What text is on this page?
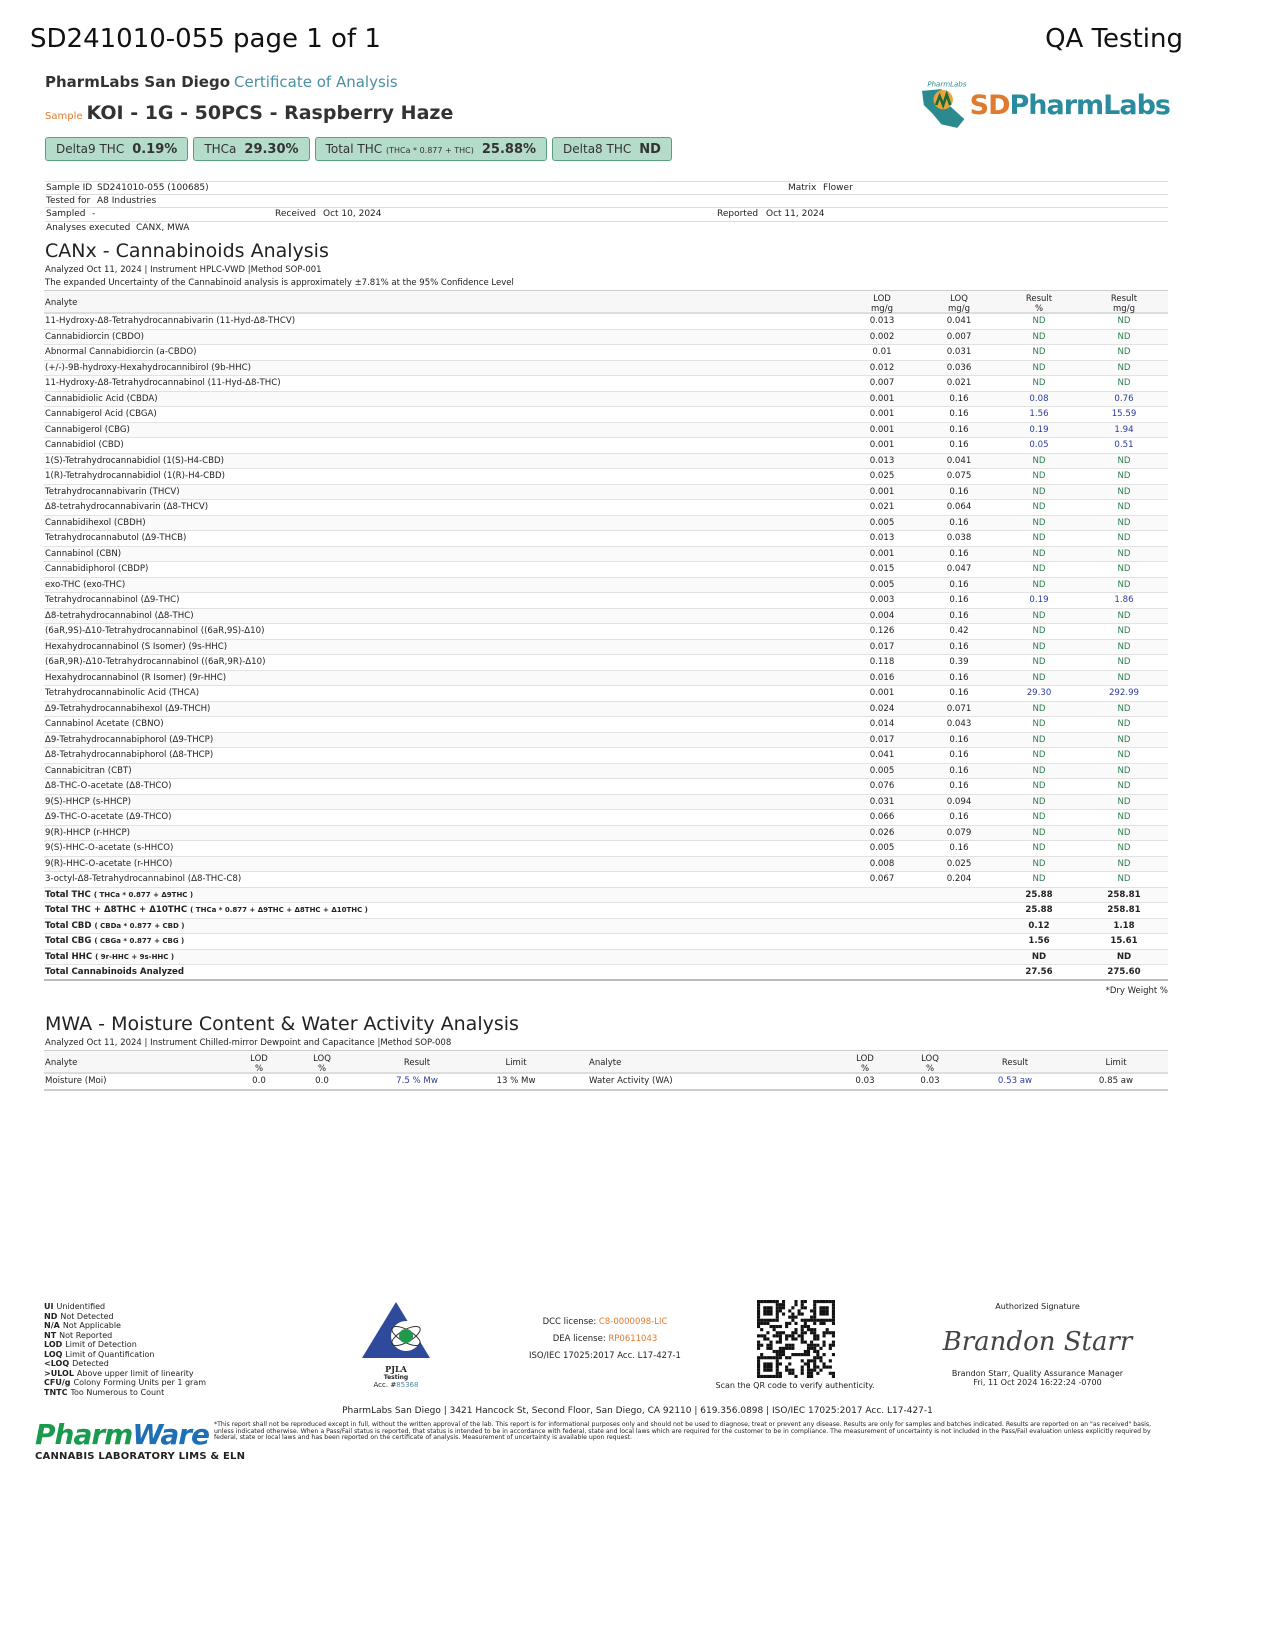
SD241010-055 page 1 of 1	QA Testing
PharmLabs San Diego Certificate of Analysis
Sample KOI - 1G - 50PCS - Raspberry Haze
Delta9 THC 0.19% THCa 29.30% Total THC (THCa * 0.877 + THC) 25.88% Delta8 THC ND
PharmLabs
SDPharmLabs
Sample ID SD241010-055 (100685)	Matrix Flower
Tested for A8 Industries
Sampled -	Received Oct 10, 2024	Reported Oct 11, 2024
Analyses executed CANX, MWA
CANx - Cannabinoids Analysis
Analyzed Oct 11, 2024 | Instrument HPLC-VWD |Method SOP-001
The expanded Uncertainty of the Cannabinoid analysis is approximately ±7.81% at the 95% Confidence Level
Analyte	LOD
mg/g
LOQ
mg/g
Result
%
Result
mg/g
11-Hydroxy-Δ8-Tetrahydrocannabivarin (11-Hyd-Δ8-THCV)	0.013	0.041	ND	ND
Cannabidiorcin (CBDO)	0.002	0.007	ND	ND
Abnormal Cannabidiorcin (a-CBDO)	0.01	0.031	ND	ND
(+/-)-9B-hydroxy-Hexahydrocannibirol (9b-HHC)	0.012	0.036	ND	ND
11-Hydroxy-Δ8-Tetrahydrocannabinol (11-Hyd-Δ8-THC)	0.007	0.021	ND	ND
Cannabidiolic Acid (CBDA)	0.001	0.16	0.08	0.76
Cannabigerol Acid (CBGA)	0.001	0.16	1.56	15.59
Cannabigerol (CBG)	0.001	0.16	0.19	1.94
Cannabidiol (CBD)	0.001	0.16	0.05	0.51
1(S)-Tetrahydrocannabidiol (1(S)-H4-CBD)	0.013	0.041	ND	ND
1(R)-Tetrahydrocannabidiol (1(R)-H4-CBD)	0.025	0.075	ND	ND
Tetrahydrocannabivarin (THCV)	0.001	0.16	ND	ND
Δ8-tetrahydrocannabivarin (Δ8-THCV)	0.021	0.064	ND	ND
Cannabidihexol (CBDH)	0.005	0.16	ND	ND
Tetrahydrocannabutol (Δ9-THCB)	0.013	0.038	ND	ND
Cannabinol (CBN)	0.001	0.16	ND	ND
Cannabidiphorol (CBDP)	0.015	0.047	ND	ND
exo-THC (exo-THC)	0.005	0.16	ND	ND
Tetrahydrocannabinol (Δ9-THC)	0.003	0.16	0.19	1.86
Δ8-tetrahydrocannabinol (Δ8-THC)	0.004	0.16	ND	ND
(6aR,9S)-Δ10-Tetrahydrocannabinol ((6aR,9S)-Δ10)	0.126	0.42	ND	ND
Hexahydrocannabinol (S Isomer) (9s-HHC)	0.017	0.16	ND	ND
(6aR,9R)-Δ10-Tetrahydrocannabinol ((6aR,9R)-Δ10)	0.118	0.39	ND	ND
Hexahydrocannabinol (R Isomer) (9r-HHC)	0.016	0.16	ND	ND
Tetrahydrocannabinolic Acid (THCA)	0.001	0.16	29.30	292.99
Δ9-Tetrahydrocannabihexol (Δ9-THCH)	0.024	0.071	ND	ND
Cannabinol Acetate (CBNO)	0.014	0.043	ND	ND
Δ9-Tetrahydrocannabiphorol (Δ9-THCP)	0.017	0.16	ND	ND
Δ8-Tetrahydrocannabiphorol (Δ8-THCP)	0.041	0.16	ND	ND
Cannabicitran (CBT)	0.005	0.16	ND	ND
Δ8-THC-O-acetate (Δ8-THCO)	0.076	0.16	ND	ND
9(S)-HHCP (s-HHCP)	0.031	0.094	ND	ND
Δ9-THC-O-acetate (Δ9-THCO)	0.066	0.16	ND	ND
9(R)-HHCP (r-HHCP)	0.026	0.079	ND	ND
9(S)-HHC-O-acetate (s-HHCO)	0.005	0.16	ND	ND
9(R)-HHC-O-acetate (r-HHCO)	0.008	0.025	ND	ND
3-octyl-Δ8-Tetrahydrocannabinol (Δ8-THC-C8)	0.067	0.204	ND	ND
Total THC ( THCa * 0.877 + Δ9THC )	25.88	258.81
Total THC + Δ8THC + Δ10THC ( THCa * 0.877 + Δ9THC + Δ8THC + Δ10THC )	25.88	258.81
Total CBD ( CBDa * 0.877 + CBD )	0.12	1.18
Total CBG ( CBGa * 0.877 + CBG )	1.56	15.61
Total HHC ( 9r-HHC + 9s-HHC )	ND	ND
Total Cannabinoids Analyzed	27.56	275.60
*Dry Weight %
MWA - Moisture Content & Water Activity Analysis
Analyzed Oct 11, 2024 | Instrument Chilled-mirror Dewpoint and Capacitance |Method SOP-008
Analyte	LOD
%
LOQ
%
Result	Limit	Analyte	LOD
%
LOQ
%
Result	Limit
Moisture (Moi)	0.0	0.0	7.5 % Mw	13 % Mw	Water Activity (WA)	0.03	0.03	0.53 aw	0.85 aw
UI Unidentified
ND Not Detected
N/A Not Applicable
NT Not Reported
LOD Limit of Detection
LOQ Limit of Quantification
<LOQ Detected
>ULOL Above upper limit of linearity
CFU/g Colony Forming Units per 1 gram
TNTC Too Numerous to Count
PJLA
Testing
Acc. #85368
DCC license: C8-0000098-LIC
DEA license: RP0611043
ISO/IEC 17025:2017 Acc. L17-427-1
Scan the QR code to verify authenticity.
Authorized Signature
Brandon Starr
Brandon Starr, Quality Assurance Manager
Fri, 11 Oct 2024 16:22:24 -0700
PharmLabs San Diego | 3421 Hancock St, Second Floor, San Diego, CA 92110 | 619.356.0898 | ISO/IEC 17025:2017 Acc. L17-427-1
*This report shall not be reproduced except in full, without the written approval of the lab. This report is for informational purposes only and should not be used to diagnose, treat or prevent any disease. Results are only for samples and batches indicated. Results are reported on an "as received" basis, unless indicated otherwise. When a Pass/Fail status is reported, that status is intended to be in accordance with federal, state and local laws which are required for the customer to be in compliance. The measurement of uncertainty is not included in the Pass/Fail evaluation unless explicitly required by federal, state or local laws and has been reported on the certificate of analysis. Measurement of uncertainty is available upon request.
PharmWare
CANNABIS LABORATORY LIMS & ELN
